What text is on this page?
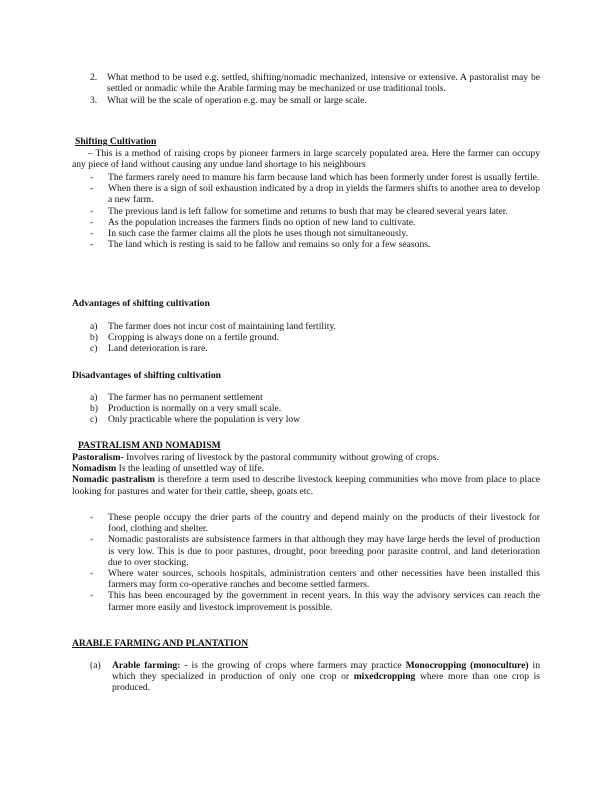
2. What method to be used e.g. settled, shifting/nomadic mechanized, intensive or extensive. A pastoralist may be settled or nomadic while the Arable farming may be mechanized or use traditional tools.
3. What will be the scale of operation e.g. may be small or large scale.
Shifting Cultivation
– This is a method of raising crops by pioneer farmers in large scarcely populated area. Here the farmer can occupy any piece of land without causing any undue land shortage to his neighbours
- The farmers rarely need to manure his farm because land which has been formerly under forest is usually fertile.
- When there is a sign of soil exhaustion indicated by a drop in yields the farmers shifts to another area to develop a new farm.
- The previous land is left fallow for sometime and returns to bush that may be cleared several years later.
- As the population increases the farmers finds no option of new land to cultivate.
- In such case the farmer claims all the plots he uses though not simultaneously.
- The land which is resting is said to be fallow and remains so only for a few seasons.
Advantages of shifting cultivation
a) The farmer does not incur cost of maintaining land fertility.
b) Cropping is always done on a fertile ground.
c) Land deterioration is rare.
Disadvantages of shifting cultivation
a) The farmer has no permanent settlement
b) Production is normally on a very small scale.
c) Only practicable where the population is very low
PASTRALISM AND NOMADISM
Pastoralism- Involves raring of livestock by the pastoral community without growing of crops.
Nomadism Is the leading of unsettled way of life.
Nomadic pastralism is therefore a term used to describe livestock keeping communities who move from place to place looking for pastures and water for their cattle, sheep, goats etc.
- These people occupy the drier parts of the country and depend mainly on the products of their livestock for food, clothing and shelter.
- Nomadic pastoralists are subsistence farmers in that although they may have large herds the level of production is very low. This is due to poor pastures, drought, poor breeding poor parasite control, and land deterioration due to over stocking.
- Where water sources, schools hospitals, administration centers and other necessities have been installed this farmers may form co-operative ranches and become settled farmers.
- This has been encouraged by the government in recent years. In this way the advisory services can reach the farmer more easily and livestock improvement is possible.
ARABLE FARMING AND PLANTATION
(a) Arable farming: - is the growing of crops where farmers may practice Monocropping (monoculture) in which they specialized in production of only one crop or mixedcropping where more than one crop is produced.
